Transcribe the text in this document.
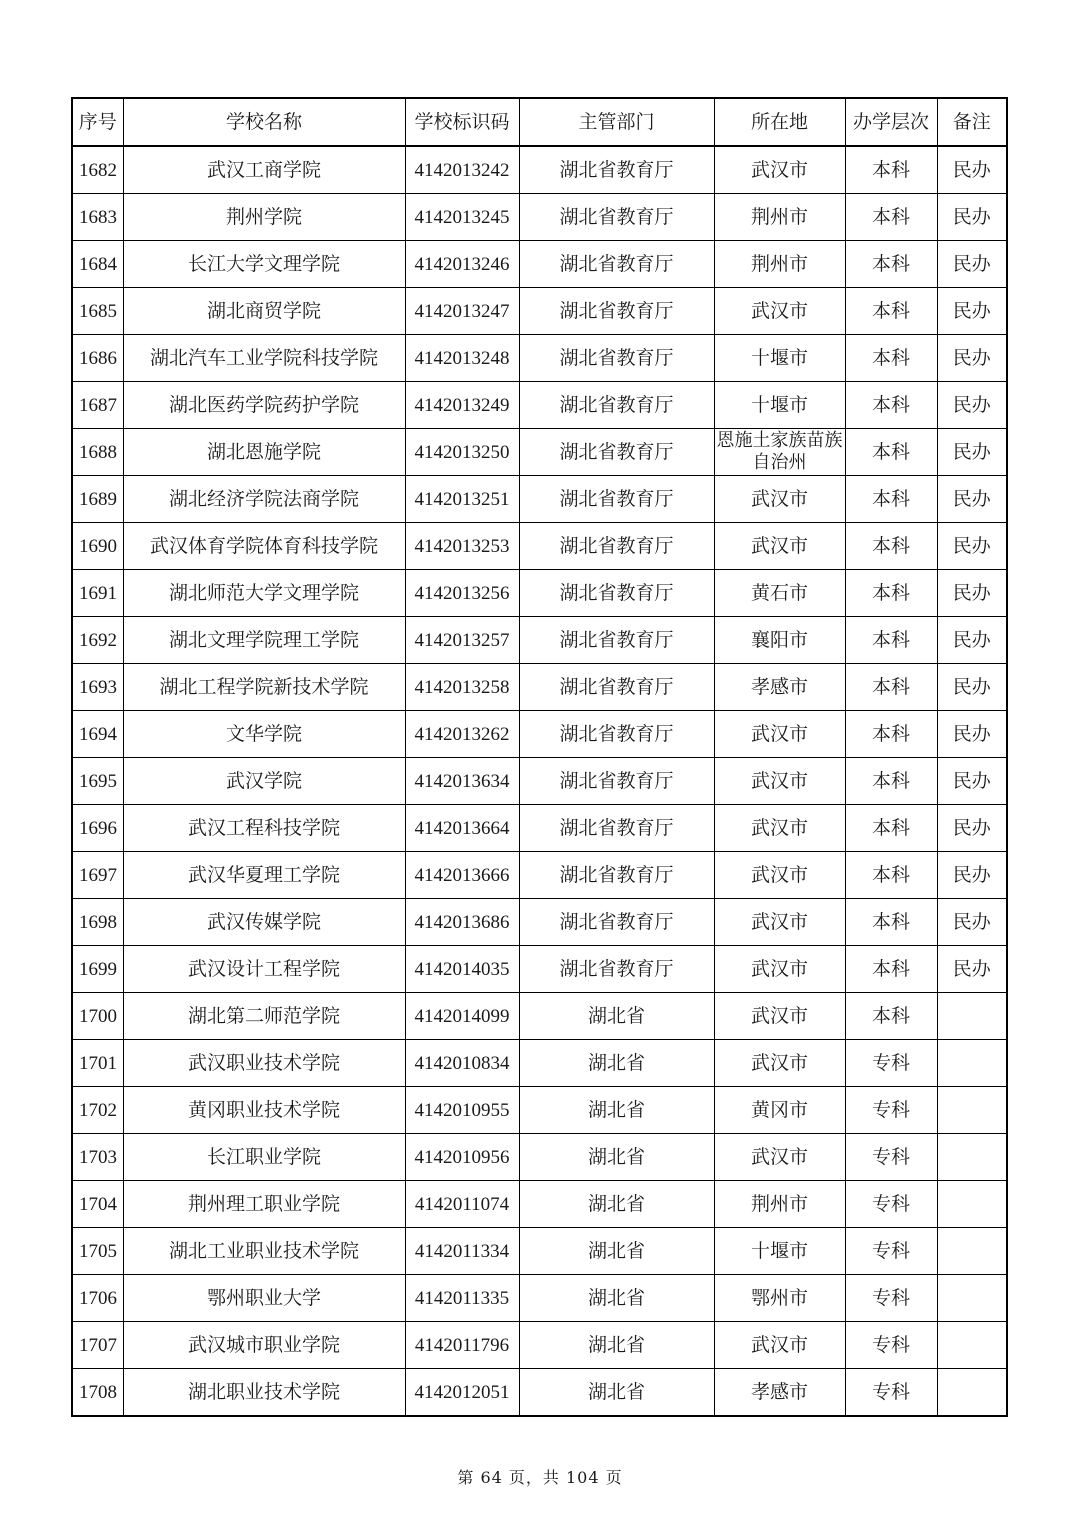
序号	学校名称	学校标识码	主管部门	所在地	办学层次	备注
1682	武汉工商学院	4142013242	湖北省教育厅	武汉市	本科	民办
1683	荆州学院	4142013245	湖北省教育厅	荆州市	本科	民办
1684	长江大学文理学院	4142013246	湖北省教育厅	荆州市	本科	民办
1685	湖北商贸学院	4142013247	湖北省教育厅	武汉市	本科	民办
1686	湖北汽车工业学院科技学院	4142013248	湖北省教育厅	十堰市	本科	民办
1687	湖北医药学院药护学院	4142013249	湖北省教育厅	十堰市	本科	民办
1688	湖北恩施学院	4142013250	湖北省教育厅	恩施土家族苗族自治州	本科	民办
1689	湖北经济学院法商学院	4142013251	湖北省教育厅	武汉市	本科	民办
1690	武汉体育学院体育科技学院	4142013253	湖北省教育厅	武汉市	本科	民办
1691	湖北师范大学文理学院	4142013256	湖北省教育厅	黄石市	本科	民办
1692	湖北文理学院理工学院	4142013257	湖北省教育厅	襄阳市	本科	民办
1693	湖北工程学院新技术学院	4142013258	湖北省教育厅	孝感市	本科	民办
1694	文华学院	4142013262	湖北省教育厅	武汉市	本科	民办
1695	武汉学院	4142013634	湖北省教育厅	武汉市	本科	民办
1696	武汉工程科技学院	4142013664	湖北省教育厅	武汉市	本科	民办
1697	武汉华夏理工学院	4142013666	湖北省教育厅	武汉市	本科	民办
1698	武汉传媒学院	4142013686	湖北省教育厅	武汉市	本科	民办
1699	武汉设计工程学院	4142014035	湖北省教育厅	武汉市	本科	民办
1700	湖北第二师范学院	4142014099	湖北省	武汉市	本科	
1701	武汉职业技术学院	4142010834	湖北省	武汉市	专科	
1702	黄冈职业技术学院	4142010955	湖北省	黄冈市	专科	
1703	长江职业学院	4142010956	湖北省	武汉市	专科	
1704	荆州理工职业学院	4142011074	湖北省	荆州市	专科	
1705	湖北工业职业技术学院	4142011334	湖北省	十堰市	专科	
1706	鄂州职业大学	4142011335	湖北省	鄂州市	专科	
1707	武汉城市职业学院	4142011796	湖北省	武汉市	专科	
1708	湖北职业技术学院	4142012051	湖北省	孝感市	专科	
第 64 页，共 104 页
